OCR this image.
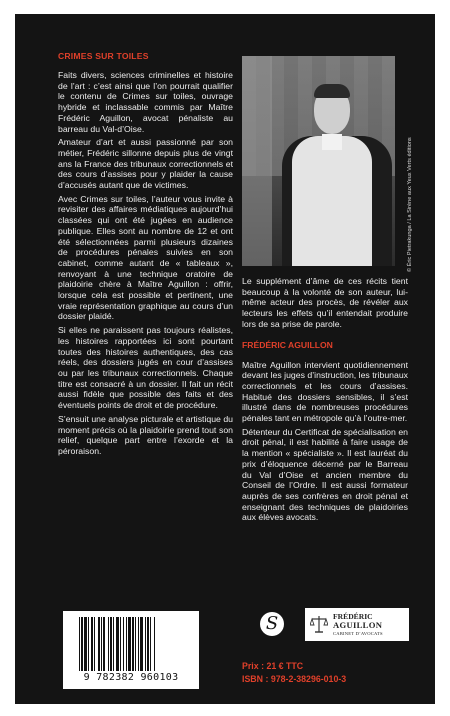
CRIMES SUR TOILES

Faits divers, sciences criminelles et histoire de l’art : c’est ainsi que l’on pourrait qualifier le contenu de Crimes sur toiles, ouvrage hybride et inclassable commis par Maître Frédéric Aguillon, avocat pénaliste au barreau du Val-d’Oise.

Amateur d’art et aussi passionné par son métier, Frédéric sillonne depuis plus de vingt ans la France des tribunaux correctionnels et des cours d’assises pour y plaider la cause d’accusés autant que de victimes.

Avec Crimes sur toiles, l’auteur vous invite à revisiter des affaires médiatiques aujourd’hui classées qui ont été jugées en audience publique. Elles sont au nombre de 12 et ont été sélectionnées parmi plusieurs dizaines de procédures pénales suivies en son cabinet, comme autant de « tableaux », renvoyant à une technique oratoire de plaidoirie chère à Maître Aguillon : offrir, lorsque cela est possible et pertinent, une vraie représentation graphique au cours d’un dossier plaidé.

Si elles ne paraissent pas toujours réalistes, les histoires rapportées ici sont pourtant toutes des histoires authentiques, des cas réels, des dossiers jugés en cour d’assises ou par les tribunaux correctionnels. Chaque titre est consacré à un dossier. Il fait un récit aussi fidèle que possible des faits et des éventuels points de droit et de procédure.

S’ensuit une analyse picturale et artistique du moment précis où la plaidoirie prend tout son relief, quelque part entre l’exorde et la péroraison.

© Éric Pietrakunga / La Sirène aux Yeux Verts éditions

Le supplément d’âme de ces récits tient beaucoup à la volonté de son auteur, lui-même acteur des procès, de révéler aux lecteurs les effets qu’il entendait produire lors de sa prise de parole.

FRÉDÉRIC AGUILLON

Maître Aguillon intervient quotidiennement devant les juges d’instruction, les tribunaux correctionnels et les cours d’assises. Habitué des dossiers sensibles, il s’est illustré dans de nombreuses procédures pénales tant en métropole qu’à l’outre-mer.

Détenteur du Certificat de spécialisation en droit pénal, il est habilité à faire usage de la mention « spécialiste ». Il est lauréat du prix d’éloquence décerné par le Barreau du Val d’Oise et ancien membre du Conseil de l’Ordre. Il est aussi formateur auprès de ses confrères en droit pénal et enseignant des techniques de plaidoiries aux élèves avocats.

9 782382 960103
S	FRÉDÉRIC
AGUILLON
CABINET D’AVOCATS
Prix : 21 € TTC
ISBN : 978-2-38296-010-3
